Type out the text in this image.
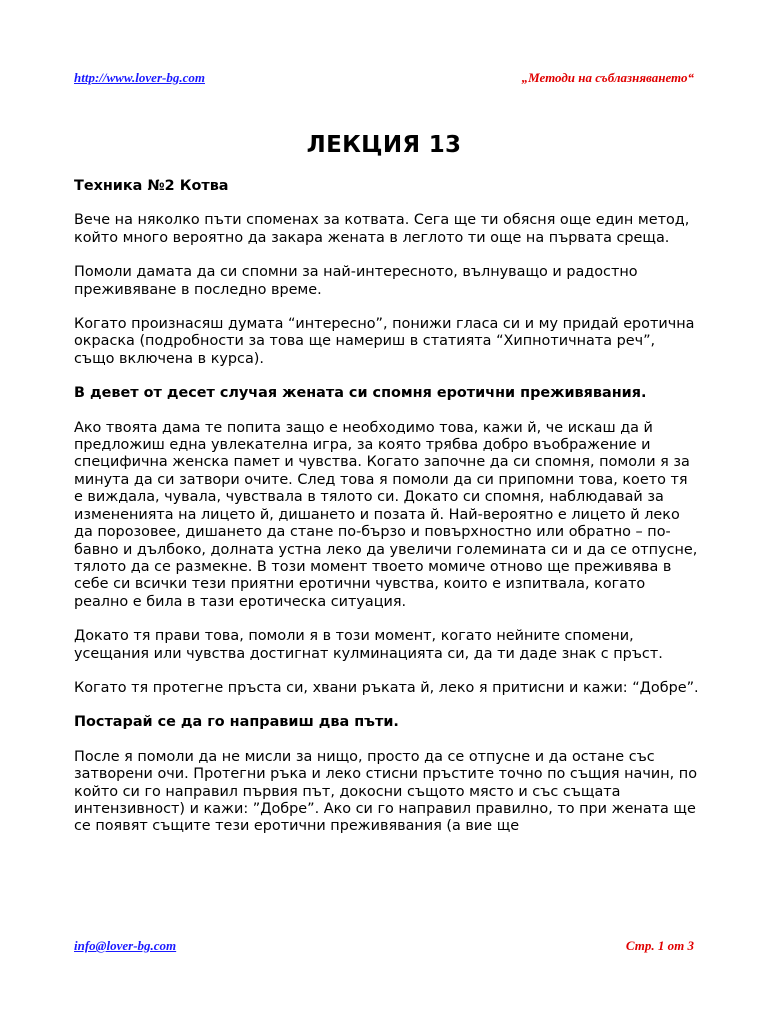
http://www.lover-bg.com	„Методи на съблазняването“
ЛЕКЦИЯ 13

Техника №2 Котва

Вече на няколко пъти споменах за котвата. Сега ще ти обясня още един метод, който много вероятно да закара жената в леглото ти още на първата среща.

Помоли дамата да си спомни за най-интересното, вълнуващо и радостно преживяване в последно време.

Когато произнасяш думата “интересно”, понижи гласа си и му придай еротична окраска (подробности за това ще намериш в статията “Хипнотичната реч”, също включена в курса).

В девет от десет случая жената си спомня еротични преживявания.

Ако твоята дама те попита защо е необходимо това, кажи й, че искаш да й предложиш една увлекателна игра, за която трябва добро въображение и специфична женска памет и чувства. Когато започне да си спомня, помоли я за минута да си затвори очите. След това я помоли да си припомни това, което тя е виждала, чувала, чувствала в тялото си. Докато си спомня, наблюдавай за измененията на лицето й, дишането и позата й. Най-вероятно е лицето й леко да порозовее, дишането да стане по-бързо и повърхностно или обратно – по-бавно и дълбоко, долната устна леко да увеличи големината си и да се отпусне, тялото да се размекне. В този момент твоето момиче отново ще преживява в себе си всички тези приятни еротични чувства, които е изпитвала, когато реално е била в тази еротическа ситуация.

Докато тя прави това, помоли я в този момент, когато нейните спомени, усещания или чувства достигнат кулминацията си, да ти даде знак с пръст.

Когато тя протегне пръста си, хвани ръката й, леко я притисни и кажи: “Добре”.

Постарай се да го направиш два пъти.

После я помоли да не мисли за нищо, просто да се отпусне и да остане със затворени очи. Протегни ръка и леко стисни пръстите точно по същия начин, по който си го направил първия път, докосни същото място и със същата интензивност) и кажи: ”Добре”. Ако си го направил правилно, то при жената ще се появят същите тези еротични преживявания (а вие ще

info@lover-bg.com	Стр. 1 от 3
